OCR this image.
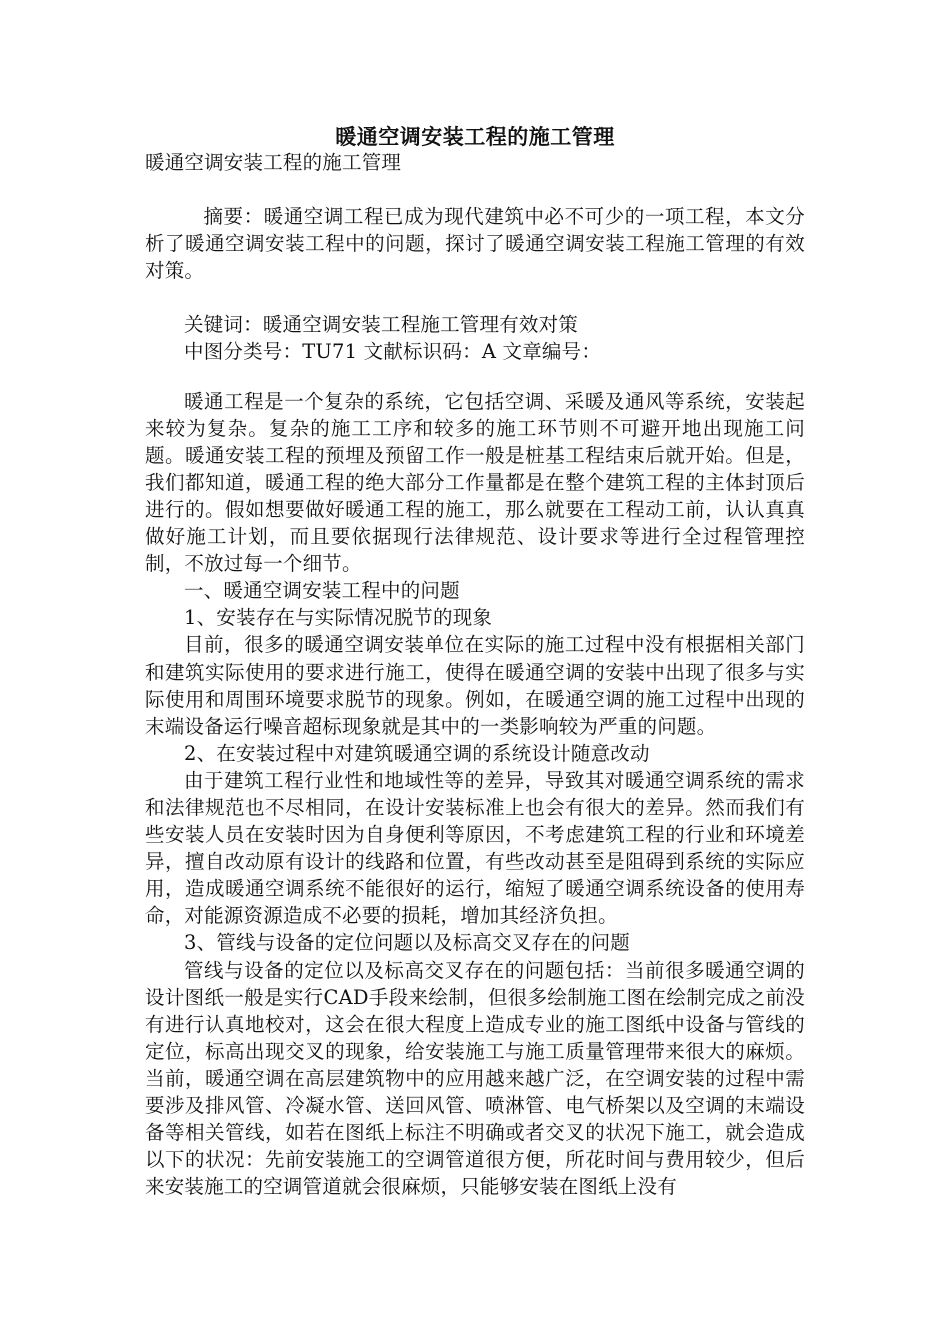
暖通空调安装工程的施工管理

暖通空调安装工程的施工管理

摘要：暖通空调工程已成为现代建筑中必不可少的一项工程，本文分析了暖通空调安装工程中的问题，探讨了暖通空调安装工程施工管理的有效对策。

关键词：暖通空调安装工程施工管理有效对策

中图分类号：TU71 文献标识码：A 文章编号：

暖通工程是一个复杂的系统，它包括空调、采暖及通风等系统，安装起来较为复杂。复杂的施工工序和较多的施工环节则不可避开地出现施工问题。暖通安装工程的预埋及预留工作一般是桩基工程结束后就开始。但是，我们都知道，暖通工程的绝大部分工作量都是在整个建筑工程的主体封顶后进行的。假如想要做好暖通工程的施工，那么就要在工程动工前，认认真真做好施工计划，而且要依据现行法律规范、设计要求等进行全过程管理控制，不放过每一个细节。

一、暖通空调安装工程中的问题

1、安装存在与实际情况脱节的现象

目前，很多的暖通空调安装单位在实际的施工过程中没有根据相关部门和建筑实际使用的要求进行施工，使得在暖通空调的安装中出现了很多与实际使用和周围环境要求脱节的现象。例如，在暖通空调的施工过程中出现的末端设备运行噪音超标现象就是其中的一类影响较为严重的问题。

2、在安装过程中对建筑暖通空调的系统设计随意改动

由于建筑工程行业性和地域性等的差异，导致其对暖通空调系统的需求和法律规范也不尽相同，在设计安装标准上也会有很大的差异。然而我们有些安装人员在安装时因为自身便利等原因，不考虑建筑工程的行业和环境差异，擅自改动原有设计的线路和位置，有些改动甚至是阻碍到系统的实际应用，造成暖通空调系统不能很好的运行，缩短了暖通空调系统设备的使用寿命，对能源资源造成不必要的损耗，增加其经济负担。

3、管线与设备的定位问题以及标高交叉存在的问题

管线与设备的定位以及标高交叉存在的问题包括：当前很多暖通空调的设计图纸一般是实行CAD手段来绘制，但很多绘制施工图在绘制完成之前没有进行认真地校对，这会在很大程度上造成专业的施工图纸中设备与管线的定位，标高出现交叉的现象，给安装施工与施工质量管理带来很大的麻烦。当前，暖通空调在高层建筑物中的应用越来越广泛，在空调安装的过程中需要涉及排风管、冷凝水管、送回风管、喷淋管、电气桥架以及空调的末端设备等相关管线，如若在图纸上标注不明确或者交叉的状况下施工，就会造成以下的状况：先前安装施工的空调管道很方便，所花时间与费用较少，但后来安装施工的空调管道就会很麻烦，只能够安装在图纸上没有
